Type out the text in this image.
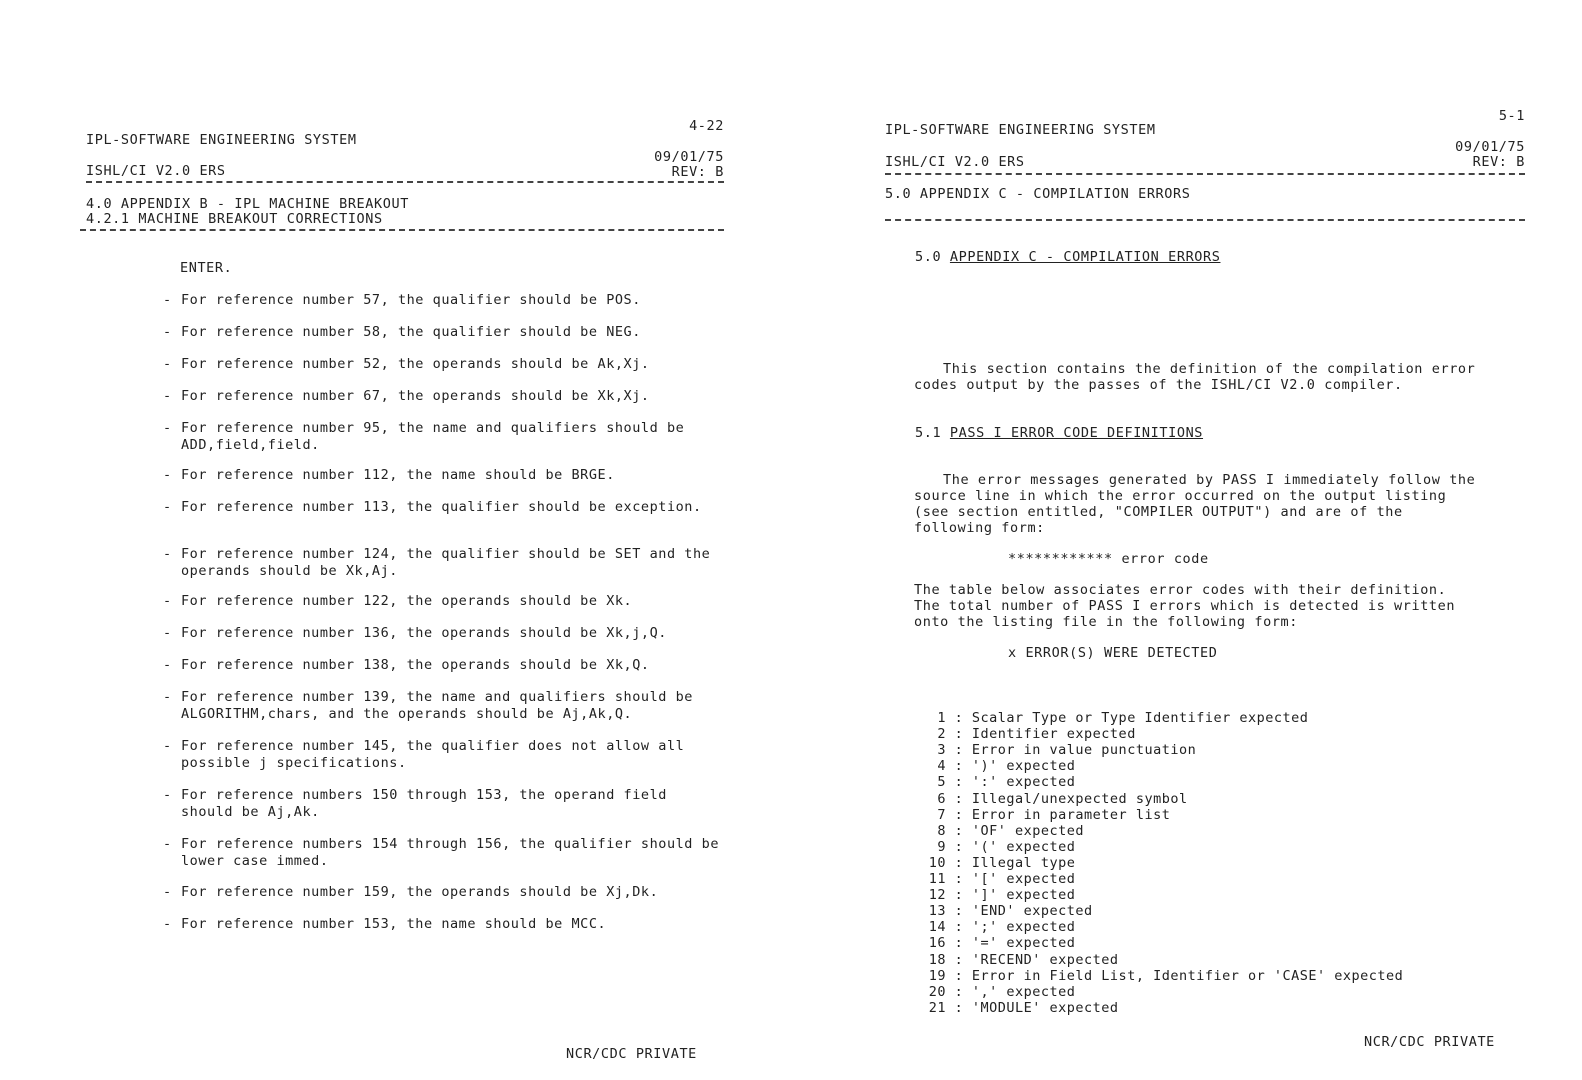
IPL-SOFTWARE ENGINEERING SYSTEM
4-22
ISHL/CI V2.0 ERS
09/01/75
REV: B
4.0 APPENDIX B - IPL MACHINE BREAKOUT
4.2.1 MACHINE BREAKOUT CORRECTIONS
ENTER.
- For reference number 57, the qualifier should be POS.
- For reference number 58, the qualifier should be NEG.
- For reference number 52, the operands should be Ak,Xj.
- For reference number 67, the operands should be Xk,Xj.
- For reference number 95, the name and qualifiers should be ADD,field,field.
- For reference number 112, the name should be BRGE.
- For reference number 113, the qualifier should be exception.
- For reference number 124, the qualifier should be SET and the operands should be Xk,Aj.
- For reference number 122, the operands should be Xk.
- For reference number 136, the operands should be Xk,j,Q.
- For reference number 138, the operands should be Xk,Q.
- For reference number 139, the name and qualifiers should be ALGORITHM,chars, and the operands should be Aj,Ak,Q.
- For reference number 145, the qualifier does not allow all possible j specifications.
- For reference numbers 150 through 153, the operand field should be Aj,Ak.
- For reference numbers 154 through 156, the qualifier should be lower case immed.
- For reference number 159, the operands should be Xj,Dk.
- For reference number 153, the name should be MCC.
NCR/CDC PRIVATE
IPL-SOFTWARE ENGINEERING SYSTEM
5-1
ISHL/CI V2.0 ERS
09/01/75
REV: B
5.0 APPENDIX C - COMPILATION ERRORS
5.0 APPENDIX C - COMPILATION ERRORS
This section contains the definition of the compilation error
codes output by the passes of the ISHL/CI V2.0 compiler.
5.1 PASS I ERROR CODE DEFINITIONS
The error messages generated by PASS I immediately follow the
source line in which the error occurred on the output listing
(see section entitled, "COMPILER OUTPUT") and are of the
following form:
************ error code
The table below associates error codes with their definition.
The total number of PASS I errors which is detected is written
onto the listing file in the following form:
x ERROR(S) WERE DETECTED
1 : Scalar Type or Type Identifier expected
2 : Identifier expected
3 : Error in value punctuation
4 : ')' expected
5 : ':' expected
6 : Illegal/unexpected symbol
7 : Error in parameter list
8 : 'OF' expected
9 : '(' expected
10 : Illegal type
11 : '[' expected
12 : ']' expected
13 : 'END' expected
14 : ';' expected
16 : '=' expected
18 : 'RECEND' expected
19 : Error in Field List, Identifier or 'CASE' expected
20 : ',' expected
21 : 'MODULE' expected
NCR/CDC PRIVATE
